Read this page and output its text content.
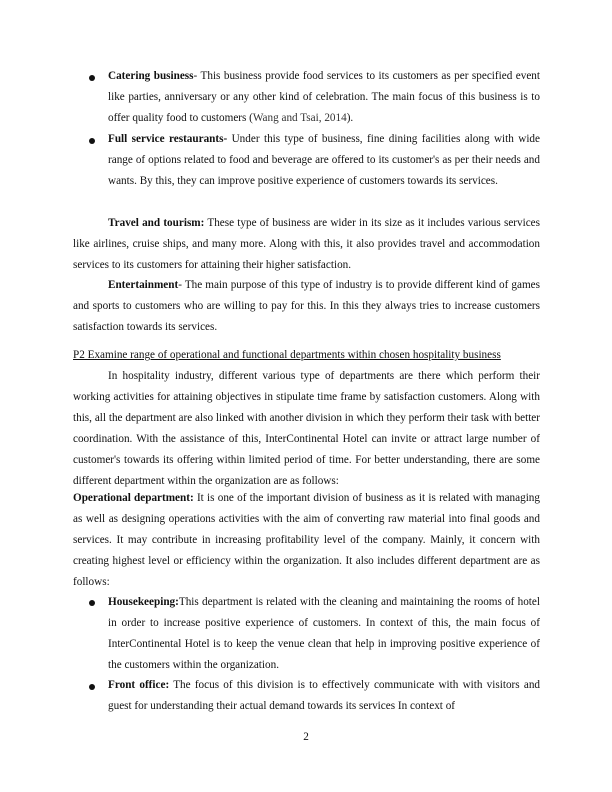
Catering business- This business provide food services to its customers as per specified event like parties, anniversary or any other kind of celebration. The main focus of this business is to offer quality food to customers (Wang and Tsai, 2014).
Full service restaurants- Under this type of business, fine dining facilities along with wide range of options related to food and beverage are offered to its customer's as per their needs and wants. By this, they can improve positive experience of customers towards its services.
Travel and tourism: These type of business are wider in its size as it includes various services like airlines, cruise ships, and many more. Along with this, it also provides travel and accommodation services to its customers for attaining their higher satisfaction.
Entertainment- The main purpose of this type of industry is to provide different kind of games and sports to customers who are willing to pay for this. In this they always tries to increase customers satisfaction towards its services.
P2 Examine range of operational and functional departments within chosen hospitality business
In hospitality industry, different various type of departments are there which perform their working activities for attaining objectives in stipulate time frame by satisfaction customers. Along with this, all the department are also linked with another division in which they perform their task with better coordination. With the assistance of this, InterContinental Hotel can invite or attract large number of customer's towards its offering within limited period of time. For better understanding, there are some different department within the organization are as follows:
Operational department: It is one of the important division of business as it is related with managing as well as designing operations activities with the aim of converting raw material into final goods and services. It may contribute in increasing profitability level of the company. Mainly, it concern with creating highest level or efficiency within the organization. It also includes different department are as follows:
Housekeeping:This department is related with the cleaning and maintaining the rooms of hotel in order to increase positive experience of customers. In context of this, the main focus of InterContinental Hotel is to keep the venue clean that help in improving positive experience of the customers within the organization.
Front office: The focus of this division is to effectively communicate with with visitors and guest for understanding their actual demand towards its services In context of
2
